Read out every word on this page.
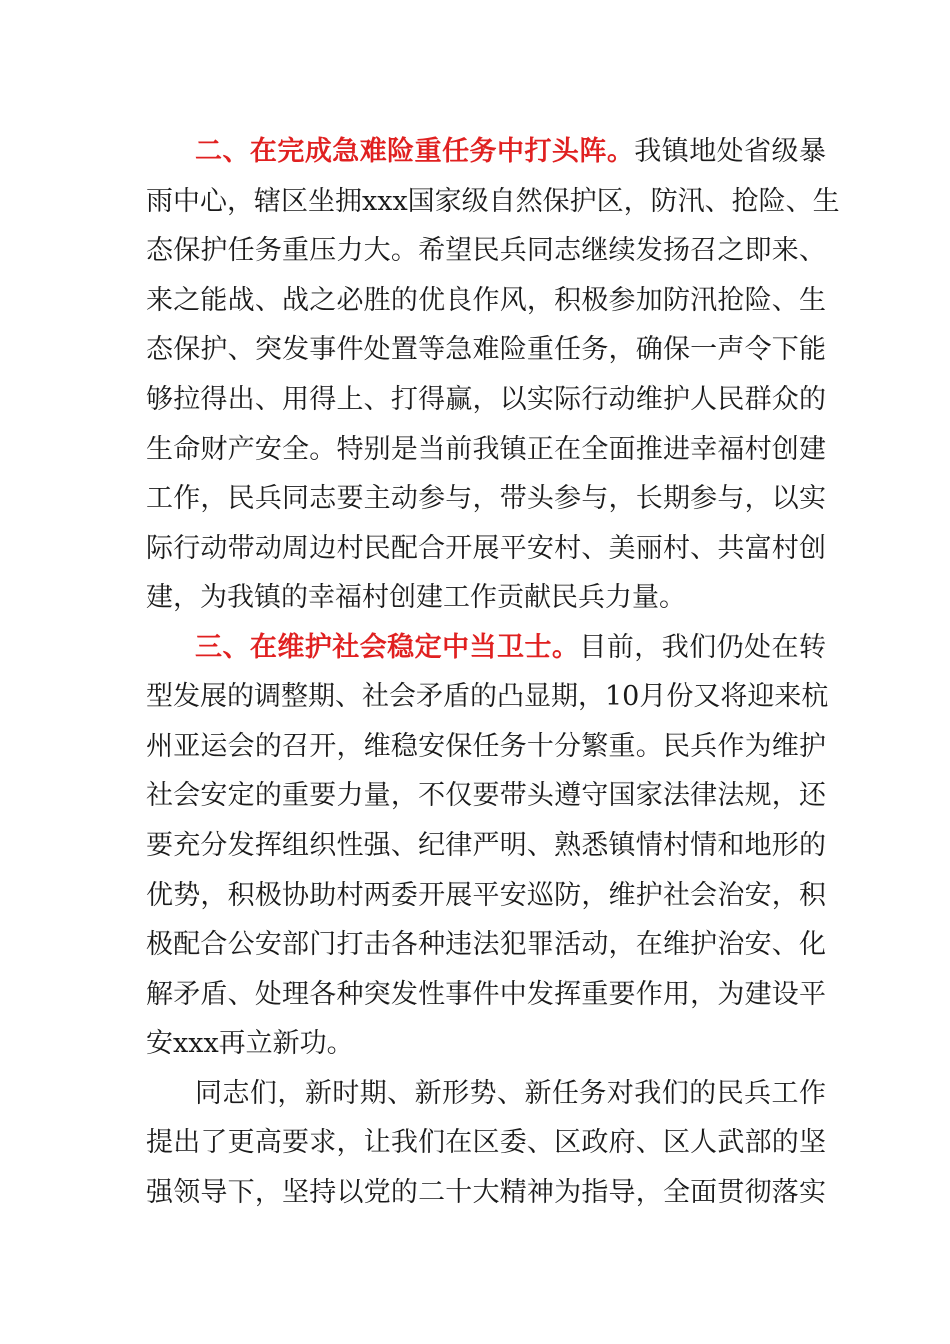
二、在完成急难险重任务中打头阵。我镇地处省级暴

雨中心，辖区坐拥xxx国家级自然保护区，防汛、抢险、生

态保护任务重压力大。希望民兵同志继续发扬召之即来、

来之能战、战之必胜的优良作风，积极参加防汛抢险、生

态保护、突发事件处置等急难险重任务，确保一声令下能

够拉得出、用得上、打得赢，以实际行动维护人民群众的

生命财产安全。特别是当前我镇正在全面推进幸福村创建

工作，民兵同志要主动参与，带头参与，长期参与，以实

际行动带动周边村民配合开展平安村、美丽村、共富村创

建，为我镇的幸福村创建工作贡献民兵力量。

三、在维护社会稳定中当卫士。目前，我们仍处在转

型发展的调整期、社会矛盾的凸显期，10月份又将迎来杭

州亚运会的召开，维稳安保任务十分繁重。民兵作为维护

社会安定的重要力量，不仅要带头遵守国家法律法规，还

要充分发挥组织性强、纪律严明、熟悉镇情村情和地形的

优势，积极协助村两委开展平安巡防，维护社会治安，积

极配合公安部门打击各种违法犯罪活动，在维护治安、化

解矛盾、处理各种突发性事件中发挥重要作用，为建设平

安xxx再立新功。

同志们，新时期、新形势、新任务对我们的民兵工作

提出了更高要求，让我们在区委、区政府、区人武部的坚

强领导下，坚持以党的二十大精神为指导，全面贯彻落实
